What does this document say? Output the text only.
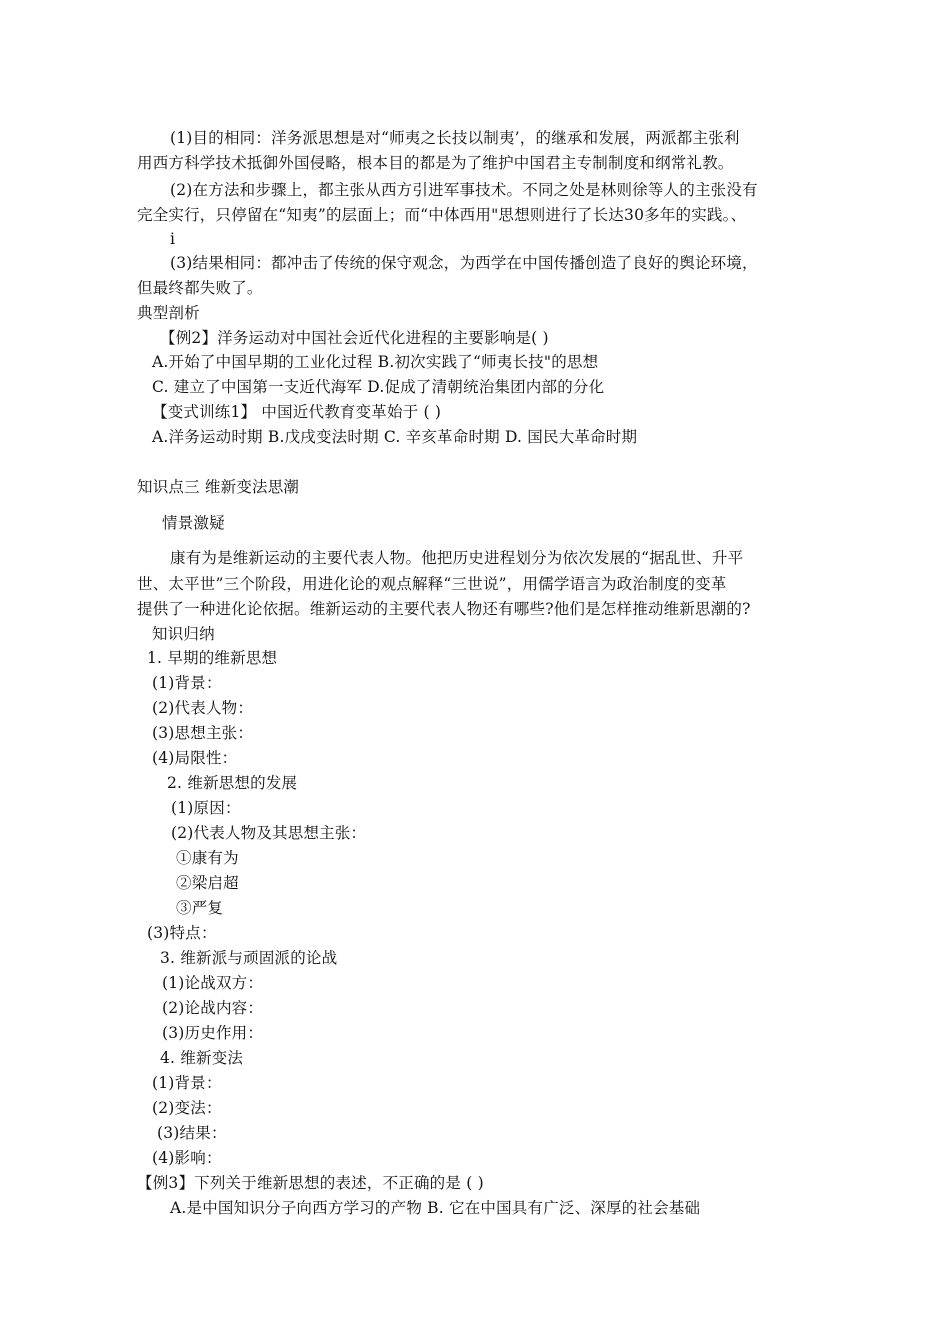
(1)目的相同：洋务派思想是对“师夷之长技以制夷’，的继承和发展，两派都主张利
用西方科学技术抵御外国侵略，根本目的都是为了维护中国君主专制制度和纲常礼教。
(2)在方法和步骤上，都主张从西方引进军事技术。不同之处是林则徐等人的主张没有
完全实行，只停留在“知夷”的层面上；而“中体西用"思想则进行了长达30多年的实践。、
i
(3)结果相同：都冲击了传统的保守观念，为西学在中国传播创造了良好的舆论环境，
但最终都失败了。
典型剖析
【例2】洋务运动对中国社会近代化进程的主要影响是( )
A.开始了中国早期的工业化过程 B.初次实践了“师夷长技"的思想
C. 建立了中国第一支近代海军 D.促成了清朝统治集团内部的分化
【变式训练1】 中国近代教育变革始于 ( )
A.洋务运动时期 B.戊戌变法时期 C. 辛亥革命时期 D. 国民大革命时期
知识点三 维新变法思潮
情景激疑
康有为是维新运动的主要代表人物。他把历史进程划分为依次发展的“据乱世、升平
世、太平世”三个阶段，用进化论的观点解释“三世说”，用儒学语言为政治制度的变革
提供了一种进化论依据。维新运动的主要代表人物还有哪些?他们是怎样推动维新思潮的?
知识归纳
1. 早期的维新思想
(1)背景：
(2)代表人物：
(3)思想主张：
(4)局限性：
2. 维新思想的发展
(1)原因：
(2)代表人物及其思想主张：
①康有为
②梁启超
③严复
(3)特点：
3. 维新派与顽固派的论战
(1)论战双方：
(2)论战内容：
(3)历史作用：
4. 维新变法
(1)背景：
(2)变法：
(3)结果：
(4)影响：
【例3】下列关于维新思想的表述，不正确的是 ( )
A.是中国知识分子向西方学习的产物 B. 它在中国具有广泛、深厚的社会基础
